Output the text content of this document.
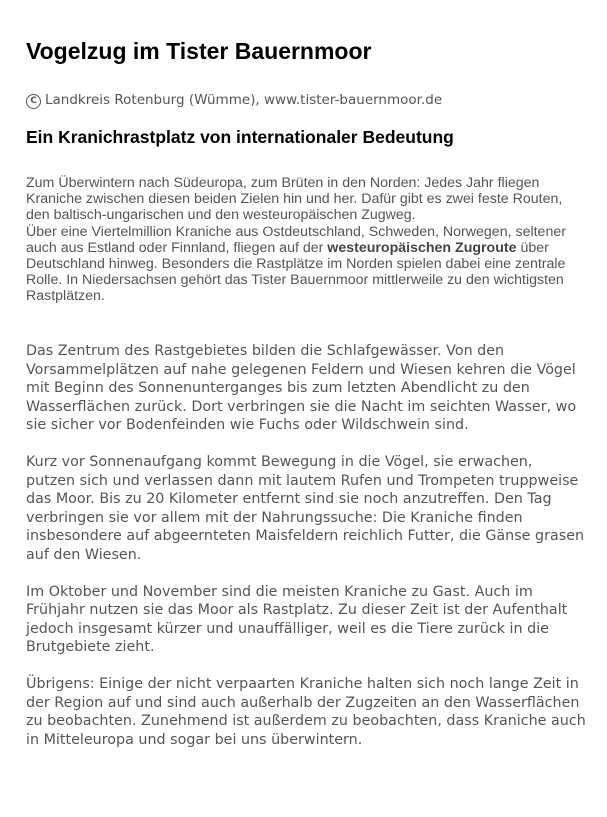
Vogelzug im Tister Bauernmoor
C Landkreis Rotenburg (Wümme), www.tister-bauernmoor.de
Ein Kranichrastplatz von internationaler Bedeutung
Zum Überwintern nach Südeuropa, zum Brüten in den Norden: Jedes Jahr fliegen Kraniche zwischen diesen beiden Zielen hin und her. Dafür gibt es zwei feste Routen, den baltisch-ungarischen und den westeuropäischen Zugweg.
Über eine Viertelmillion Kraniche aus Ostdeutschland, Schweden, Norwegen, seltener auch aus Estland oder Finnland, fliegen auf der westeuropäischen Zugroute über Deutschland hinweg. Besonders die Rastplätze im Norden spielen dabei eine zentrale Rolle. In Niedersachsen gehört das Tister Bauernmoor mittlerweile zu den wichtigsten Rastplätzen.

Das Zentrum des Rastgebietes bilden die Schlafgewässer. Von den Vorsammelplätzen auf nahe gelegenen Feldern und Wiesen kehren die Vögel mit Beginn des Sonnenunterganges bis zum letzten Abendlicht zu den Wasserflächen zurück. Dort verbringen sie die Nacht im seichten Wasser, wo sie sicher vor Bodenfeinden wie Fuchs oder Wildschwein sind.

Kurz vor Sonnenaufgang kommt Bewegung in die Vögel, sie erwachen, putzen sich und verlassen dann mit lautem Rufen und Trompeten truppweise das Moor. Bis zu 20 Kilometer entfernt sind sie noch anzutreffen. Den Tag verbringen sie vor allem mit der Nahrungssuche: Die Kraniche finden insbesondere auf abgeernteten Maisfeldern reichlich Futter, die Gänse grasen auf den Wiesen.

Im Oktober und November sind die meisten Kraniche zu Gast. Auch im Frühjahr nutzen sie das Moor als Rastplatz. Zu dieser Zeit ist der Aufenthalt jedoch insgesamt kürzer und unauffälliger, weil es die Tiere zurück in die Brutgebiete zieht.

Übrigens: Einige der nicht verpaarten Kraniche halten sich noch lange Zeit in der Region auf und sind auch außerhalb der Zugzeiten an den Wasserflächen zu beobachten. Zunehmend ist außerdem zu beobachten, dass Kraniche auch in Mitteleuropa und sogar bei uns überwintern.
